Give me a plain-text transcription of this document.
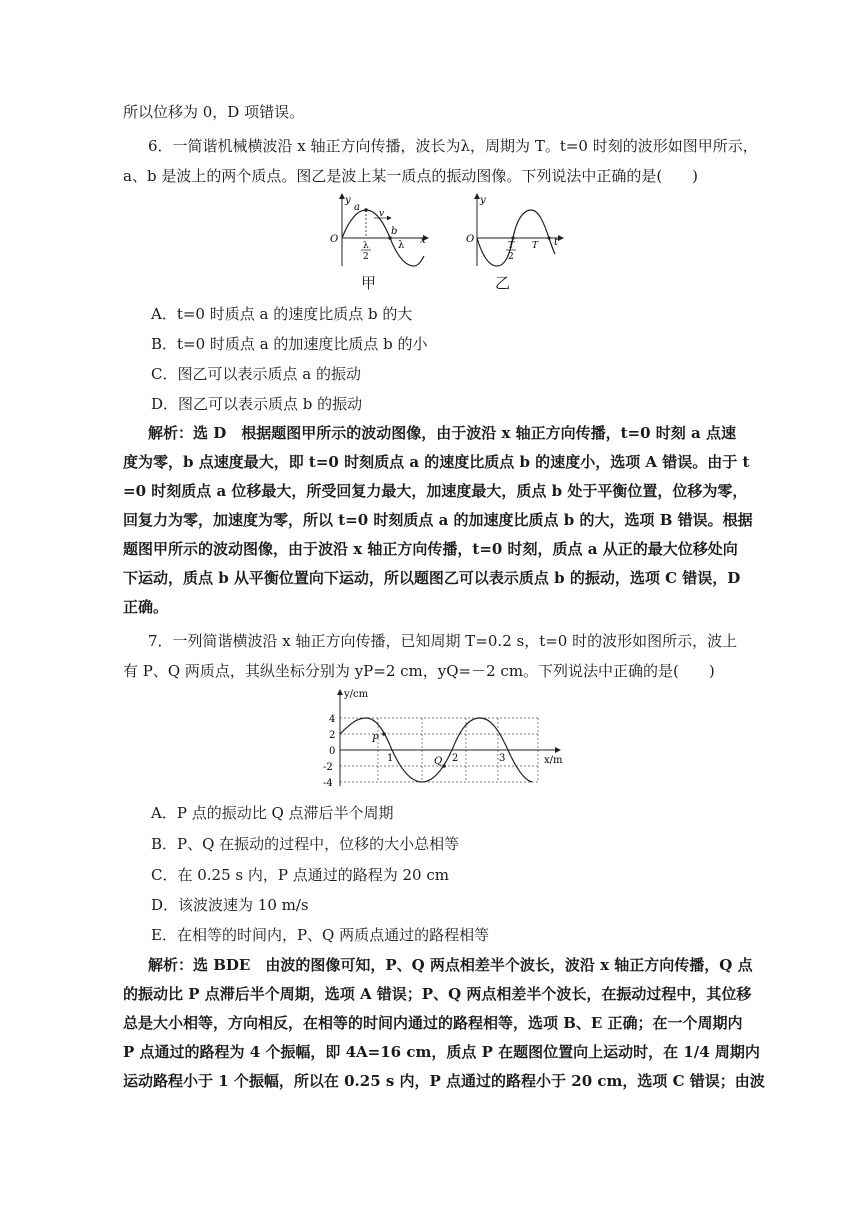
所以位移为 0，D 项错误。
6．一简谐机械横波沿 x 轴正方向传播，波长为λ，周期为 T。t=0 时刻的波形如图甲所示，
a、b 是波上的两个质点。图乙是波上某一质点的振动图像。下列说法中正确的是(　　)
y
O
a
v
b
x
λ
2
λ
甲
y
O	t
T
2
T
乙
A．t=0 时质点 a 的速度比质点 b 的大
B．t=0 时质点 a 的加速度比质点 b 的小
C．图乙可以表示质点 a 的振动
D．图乙可以表示质点 b 的振动
解析：选 D　根据题图甲所示的波动图像，由于波沿 x 轴正方向传播，t=0 时刻 a 点速
度为零，b 点速度最大，即 t=0 时刻质点 a 的速度比质点 b 的速度小，选项 A 错误。由于 t
=0 时刻质点 a 位移最大，所受回复力最大，加速度最大，质点 b 处于平衡位置，位移为零，
回复力为零，加速度为零，所以 t=0 时刻质点 a 的加速度比质点 b 的大，选项 B 错误。根据
题图甲所示的波动图像，由于波沿 x 轴正方向传播，t=0 时刻，质点 a 从正的最大位移处向
下运动，质点 b 从平衡位置向下运动，所以题图乙可以表示质点 b 的振动，选项 C 错误，D
正确。
7．一列简谐横波沿 x 轴正方向传播，已知周期 T=0.2 s，t=0 时的波形如图所示，波上
有 P、Q 两质点，其纵坐标分别为 yP=2 cm，yQ=－2 cm。下列说法中正确的是(　　)
y/cm
x/m
4
2
0
-2
-4
1	2	3
P
Q
A．P 点的振动比 Q 点滞后半个周期
B．P、Q 在振动的过程中，位移的大小总相等
C．在 0.25 s 内，P 点通过的路程为 20 cm
D．该波波速为 10 m/s
E．在相等的时间内，P、Q 两质点通过的路程相等
解析：选 BDE　由波的图像可知，P、Q 两点相差半个波长，波沿 x 轴正方向传播，Q 点
的振动比 P 点滞后半个周期，选项 A 错误；P、Q 两点相差半个波长，在振动过程中，其位移
总是大小相等，方向相反，在相等的时间内通过的路程相等，选项 B、E 正确；在一个周期内
P 点通过的路程为 4 个振幅，即 4A=16 cm，质点 P 在题图位置向上运动时，在 1/4 周期内
运动路程小于 1 个振幅，所以在 0.25 s 内，P 点通过的路程小于 20 cm，选项 C 错误；由波
